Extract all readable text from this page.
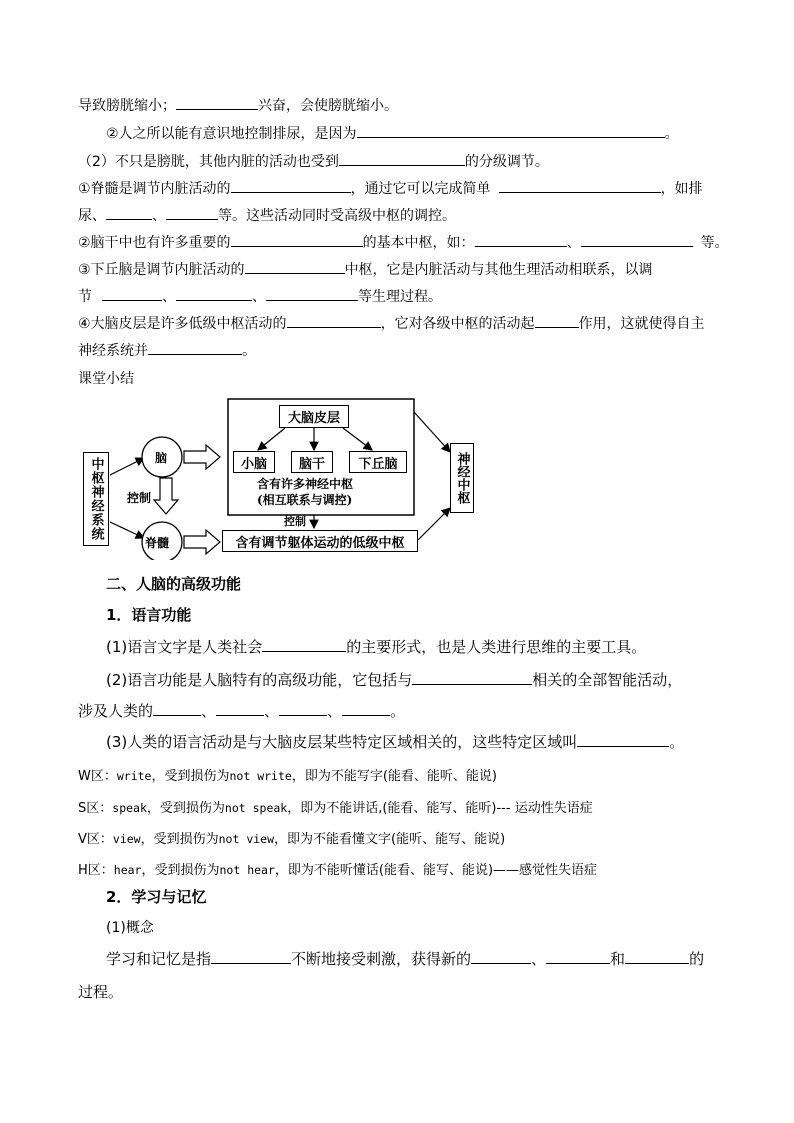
导致膀胱缩小；	兴奋，会使膀胱缩小。
②人之所以能有意识地控制排尿，是因为	。
（2）不只是膀胱，其他内脏的活动也受到	的分级调节。
①脊髓是调节内脏活动的	，通过它可以完成简单	，如排
尿、	、	等。这些活动同时受高级中枢的调控。
②脑干中也有许多重要的	的基本中枢，如：	、	等。
③下丘脑是调节内脏活动的	中枢，它是内脏活动与其他生理活动相联系，以调
节	、	、	等生理过程。
④大脑皮层是许多低级中枢活动的	，它对各级中枢的活动起	作用，这就使得自主
神经系统并	。
课堂小结
中枢神经系统	脑
脊髓
控制
大脑皮层
小脑 脑干	下丘脑
含有许多神经中枢
(相互联系与调控)
控制
含有调节躯体运动的低级中枢
神经中枢
二、人脑的高级功能
1．语言功能
(1)语言文字是人类社会	的主要形式，也是人类进行思维的主要工具。
(2)语言功能是人脑特有的高级功能，它包括与	相关的全部智能活动，
涉及人类的	、	、	、	。
(3)人类的语言活动是与大脑皮层某些特定区域相关的，这些特定区域叫	。
W区：write，受到损伤为not write，即为不能写字(能看、能听、能说)
S区：speak，受到损伤为not speak，即为不能讲话,(能看、能写、能听)--- 运动性失语症
V区：view，受到损伤为not view，即为不能看懂文字(能听、能写、能说)
H区：hear，受到损伤为not hear，即为不能听懂话(能看、能写、能说)——感觉性失语症
2．学习与记忆
(1)概念
学习和记忆是指	不断地接受刺激，获得新的	、	和	的
过程。
